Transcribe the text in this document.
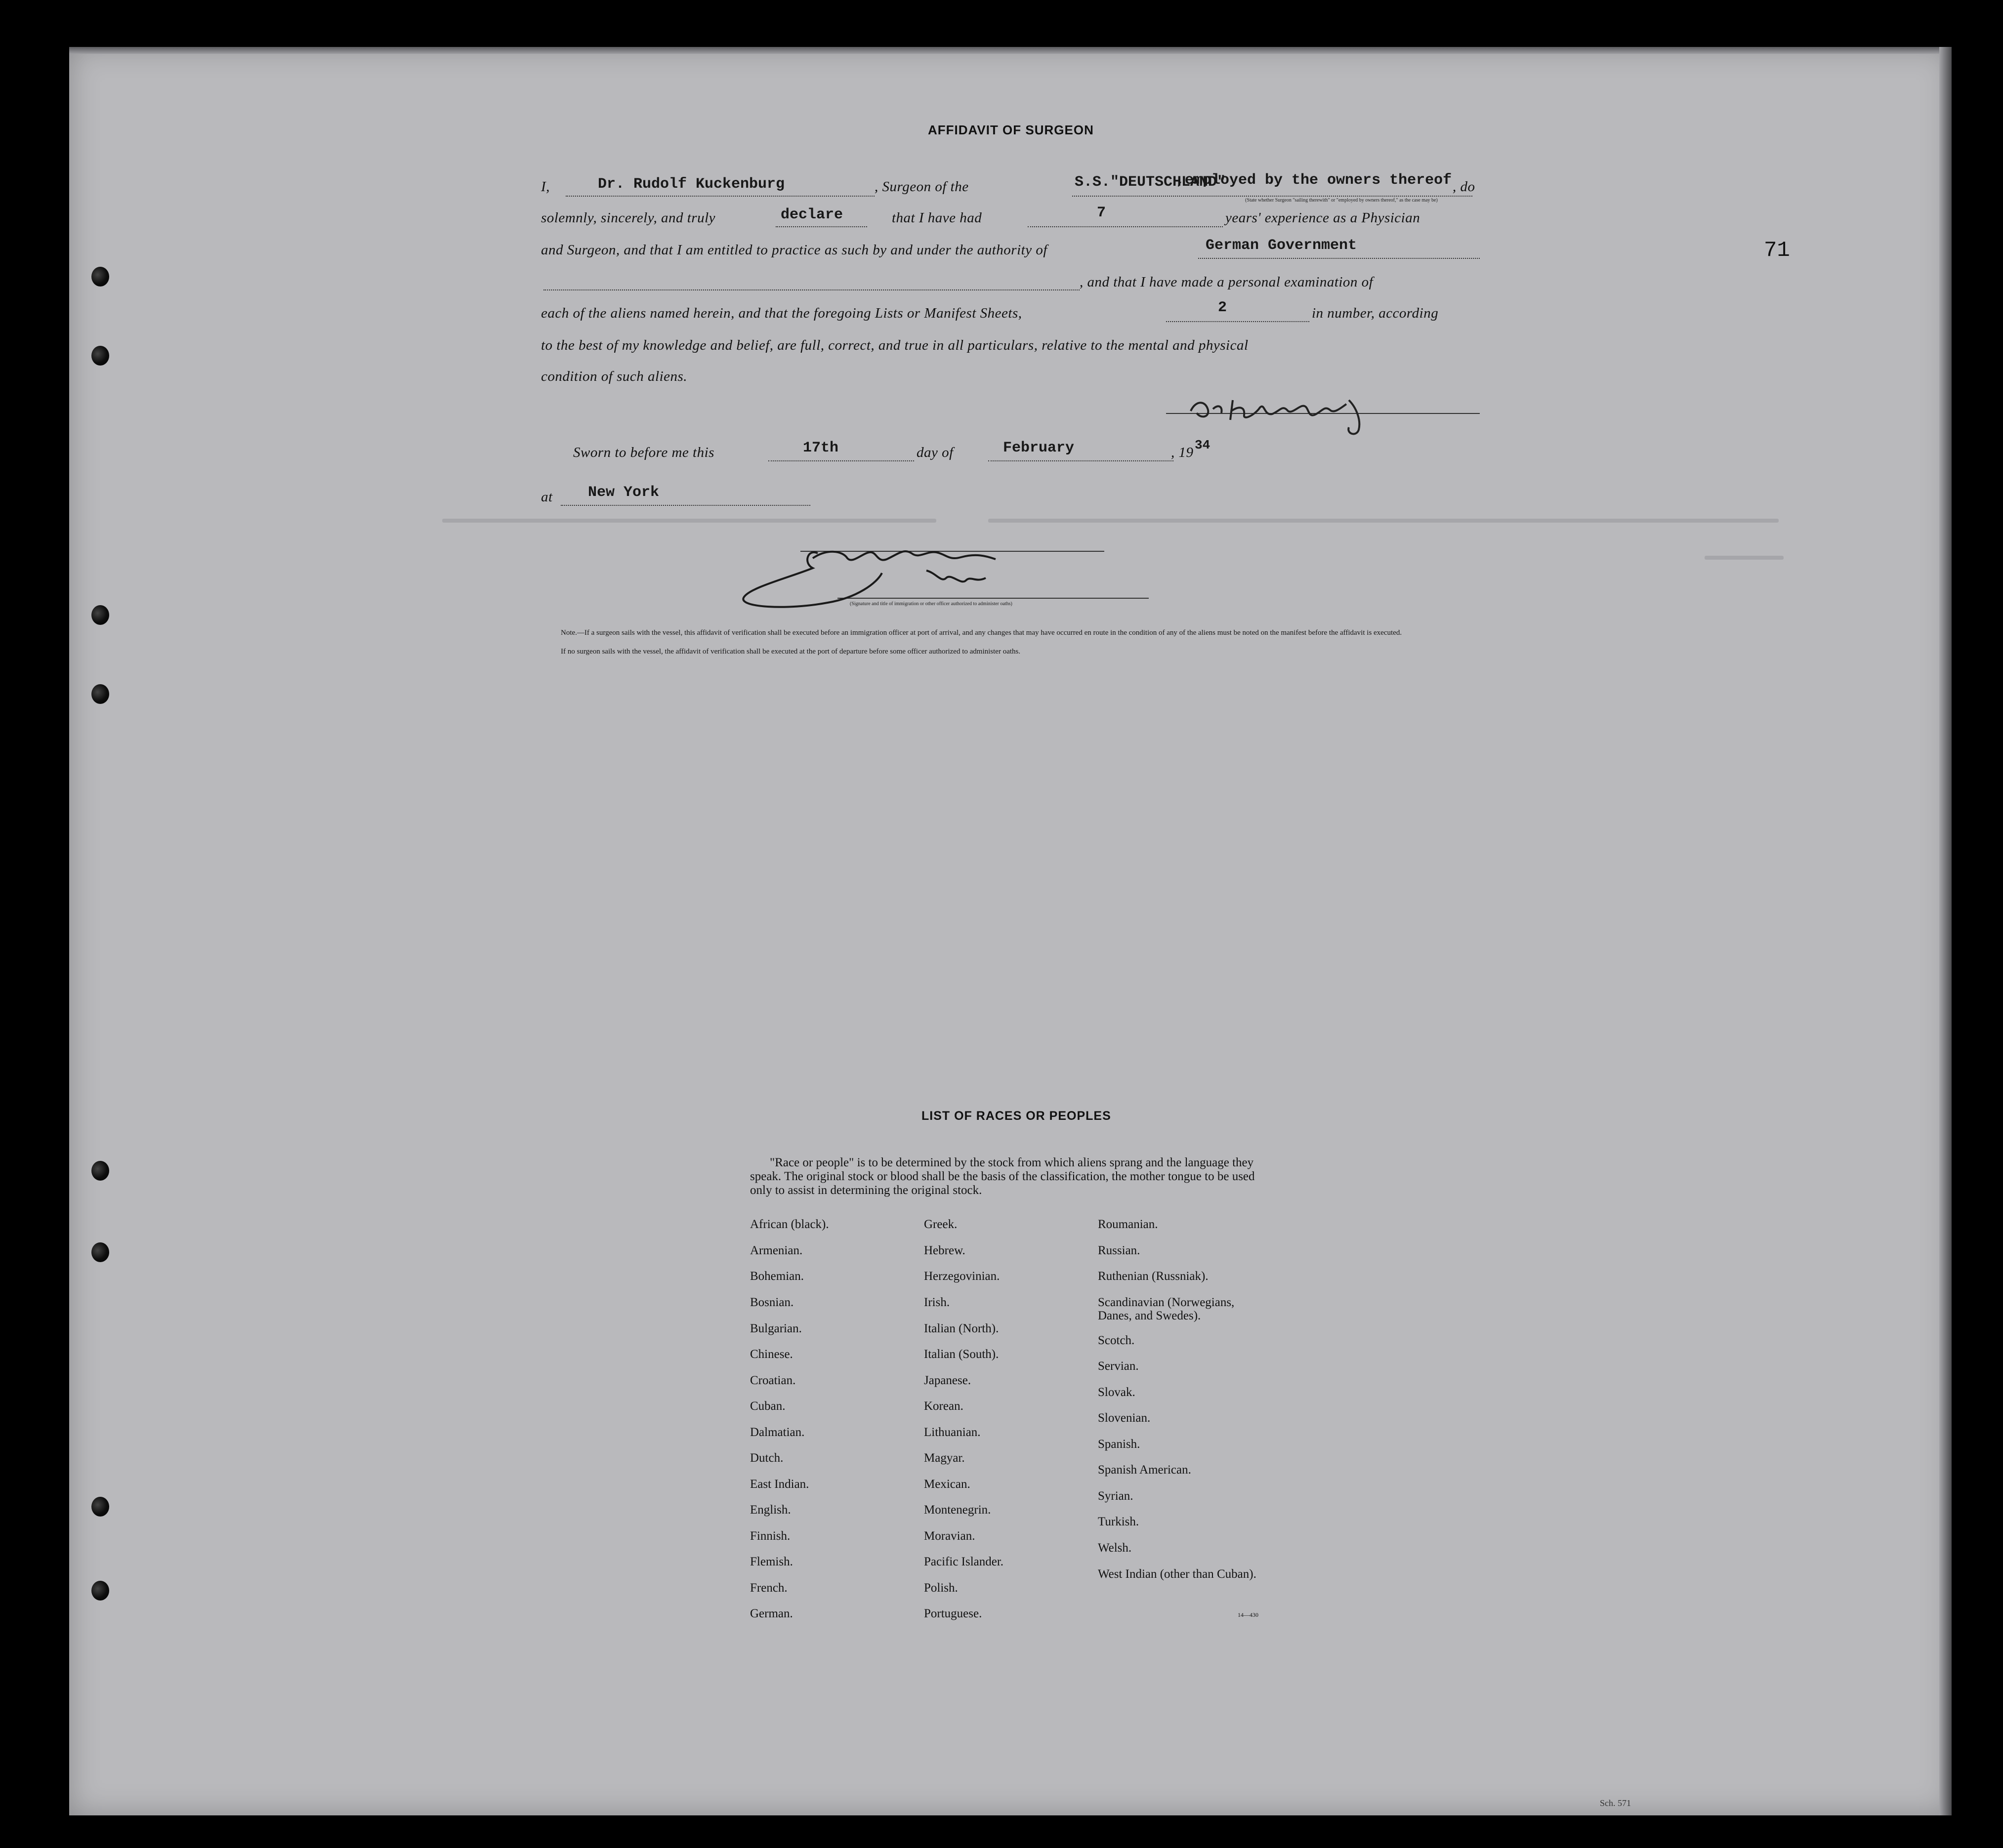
AFFIDAVIT OF SURGEON
I,	Dr. Rudolf Kuckenburg	, Surgeon of the	S.S."DEUTSCHLAND"
,employed by the owners thereof , do
(State whether Surgeon "sailing therewith" or "employed by owners thereof," as the case may be)
solemnly, sincerely, and truly	declare	that I have had	7	years' experience as a Physician
and Surgeon, and that I am entitled to practice as such by and under the authority of	German Government	71
, and that I have made a personal examination of
each of the aliens named herein, and that the foregoing Lists or Manifest Sheets,	2	in number, according
to the best of my knowledge and belief, are full, correct, and true in all particulars, relative to the mental and physical
condition of such aliens.
Sworn to before me this	17th	day of	February	, 19 34
at New York
(Signature and title of immigration or other officer authorized to administer oaths)
Note.—If a surgeon sails with the vessel, this affidavit of verification shall be executed before an immigration officer at port of arrival, and any changes that may have occurred en route in the condition of any of the aliens must be noted on the manifest before the affidavit is executed.
If no surgeon sails with the vessel, the affidavit of verification shall be executed at the port of departure before some officer authorized to administer oaths.
LIST OF RACES OR PEOPLES
"Race or people" is to be determined by the stock from which aliens sprang and the language they speak. The original stock or blood shall be the basis of the classification, the mother tongue to be used only to assist in determining the original stock.
African (black).
Armenian.
Bohemian.
Bosnian.
Bulgarian.
Chinese.
Croatian.
Cuban.
Dalmatian.
Dutch.
East Indian.
English.
Finnish.
Flemish.
French.
German.
Greek.
Hebrew.
Herzegovinian.
Irish.
Italian (North).
Italian (South).
Japanese.
Korean.
Lithuanian.
Magyar.
Mexican.
Montenegrin.
Moravian.
Pacific Islander.
Polish.
Portuguese.
Roumanian.
Russian.
Ruthenian (Russniak).
Scandinavian (Norwegians, Danes, and Swedes).
Scotch.
Servian.
Slovak.
Slovenian.
Spanish.
Spanish American.
Syrian.
Turkish.
Welsh.
West Indian (other than Cuban).
14—430
Sch. 571
